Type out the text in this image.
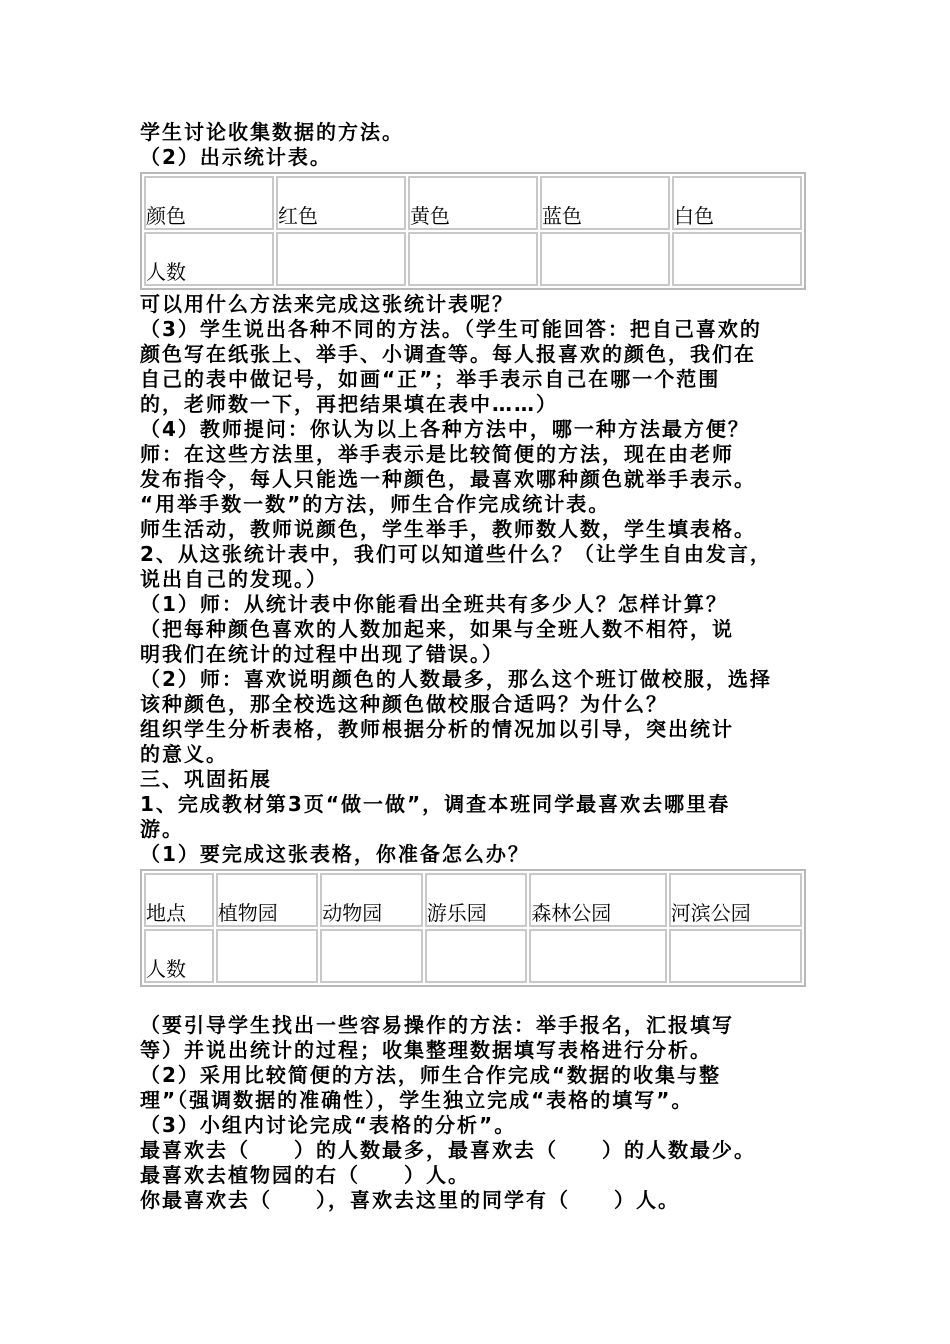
学生讨论收集数据的方法。
（2）出示统计表。
颜色	红色	黄色	蓝色	白色
人数				
可以用什么方法来完成这张统计表呢？
（3）学生说出各种不同的方法。（学生可能回答：把自己喜欢的
颜色写在纸张上、举手、小调查等。每人报喜欢的颜色，我们在
自己的表中做记号，如画“正”；举手表示自己在哪一个范围
的，老师数一下，再把结果填在表中……）
（4）教师提问：你认为以上各种方法中，哪一种方法最方便？
师：在这些方法里，举手表示是比较简便的方法，现在由老师
发布指令，每人只能选一种颜色，最喜欢哪种颜色就举手表示。
“用举手数一数”的方法，师生合作完成统计表。
师生活动，教师说颜色，学生举手，教师数人数，学生填表格。
2、从这张统计表中，我们可以知道些什么？（让学生自由发言，
说出自己的发现。）
（1）师：从统计表中你能看出全班共有多少人？怎样计算？
（把每种颜色喜欢的人数加起来，如果与全班人数不相符，说
明我们在统计的过程中出现了错误。）
（2）师：喜欢说明颜色的人数最多，那么这个班订做校服，选择
该种颜色，那全校选这种颜色做校服合适吗？为什么？
组织学生分析表格，教师根据分析的情况加以引导，突出统计
的意义。
三、巩固拓展
1、完成教材第3页“做一做”，调查本班同学最喜欢去哪里春
游。
（1）要完成这张表格，你准备怎么办？
地点	植物园	动物园	游乐园	森林公园	河滨公园
人数					
（要引导学生找出一些容易操作的方法：举手报名，汇报填写
等）并说出统计的过程；收集整理数据填写表格进行分析。
（2）采用比较简便的方法，师生合作完成“数据的收集与整
理”（强调数据的准确性），学生独立完成“表格的填写”。
（3）小组内讨论完成“表格的分析”。
最喜欢去（　　）的人数最多，最喜欢去（　　）的人数最少。
最喜欢去植物园的右（　　）人。
你最喜欢去（　　），喜欢去这里的同学有（　　）人。
